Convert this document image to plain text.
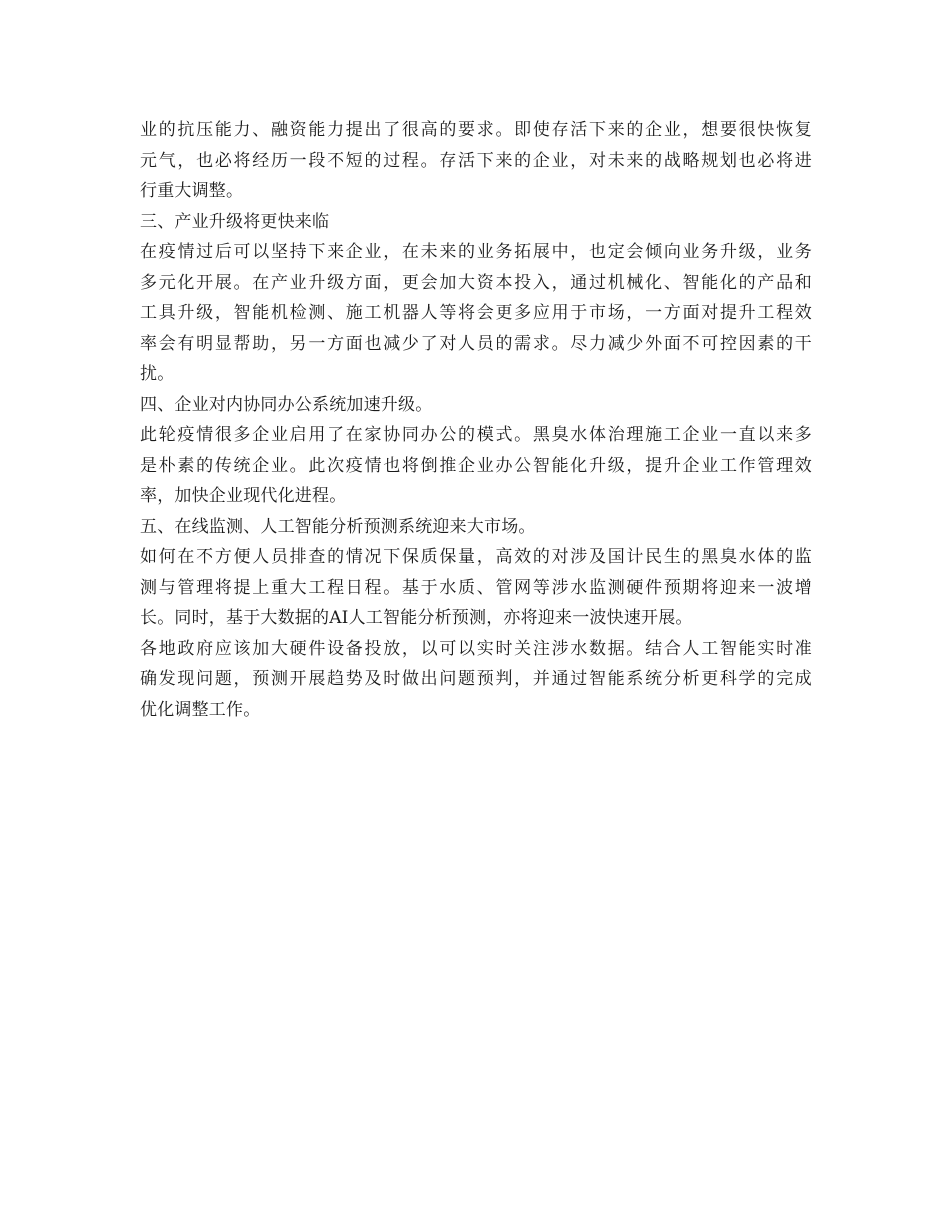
业的抗压能力、融资能力提出了很高的要求。即使存活下来的企业，想要很快恢复
元气，也必将经历一段不短的过程。存活下来的企业，对未来的战略规划也必将进
行重大调整。
三、产业升级将更快来临
在疫情过后可以坚持下来企业，在未来的业务拓展中，也定会倾向业务升级，业务
多元化开展。在产业升级方面，更会加大资本投入，通过机械化、智能化的产品和
工具升级，智能机检测、施工机器人等将会更多应用于市场，一方面对提升工程效
率会有明显帮助，另一方面也减少了对人员的需求。尽力减少外面不可控因素的干
扰。
四、企业对内协同办公系统加速升级。
此轮疫情很多企业启用了在家协同办公的模式。黑臭水体治理施工企业一直以来多
是朴素的传统企业。此次疫情也将倒推企业办公智能化升级，提升企业工作管理效
率，加快企业现代化进程。
五、在线监测、人工智能分析预测系统迎来大市场。
如何在不方便人员排查的情况下保质保量，高效的对涉及国计民生的黑臭水体的监
测与管理将提上重大工程日程。基于水质、管网等涉水监测硬件预期将迎来一波增
长。同时，基于大数据的AI人工智能分析预测，亦将迎来一波快速开展。
各地政府应该加大硬件设备投放，以可以实时关注涉水数据。结合人工智能实时准
确发现问题，预测开展趋势及时做出问题预判，并通过智能系统分析更科学的完成
优化调整工作。
